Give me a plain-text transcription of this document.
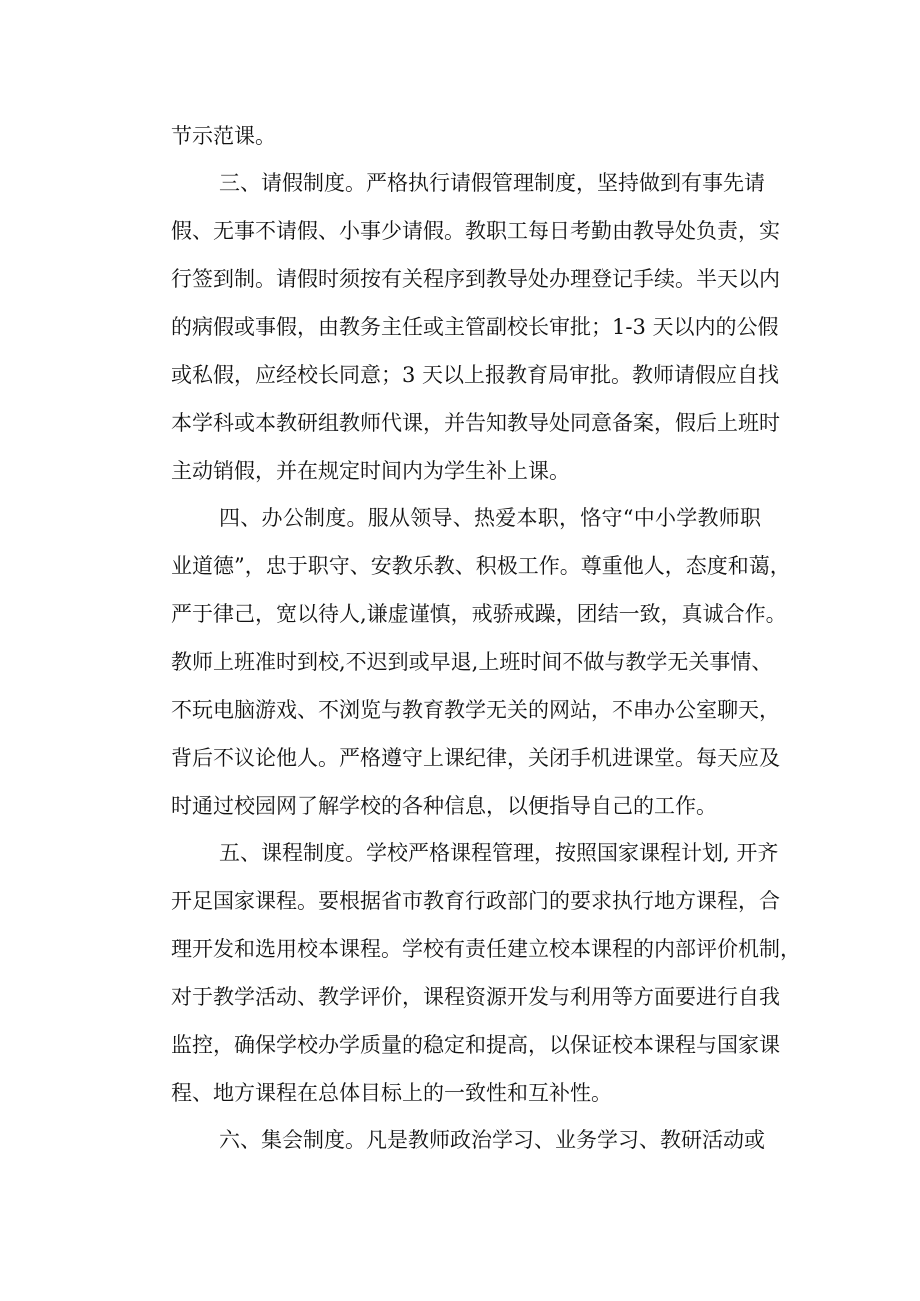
节示范课。
三、请假制度。严格执行请假管理制度，坚持做到有事先请
假、无事不请假、小事少请假。教职工每日考勤由教导处负责，实
行签到制。请假时须按有关程序到教导处办理登记手续。半天以内
的病假或事假，由教务主任或主管副校长审批；1-3 天以内的公假
或私假，应经校长同意；3 天以上报教育局审批。教师请假应自找
本学科或本教研组教师代课，并告知教导处同意备案，假后上班时
主动销假，并在规定时间内为学生补上课。
四、办公制度。服从领导、热爱本职，恪守“中小学教师职
业道德”，忠于职守、安教乐教、积极工作。尊重他人，态度和蔼，
严于律己，宽以待人,谦虚谨慎，戒骄戒躁，团结一致，真诚合作。
教师上班准时到校,不迟到或早退,上班时间不做与教学无关事情、
不玩电脑游戏、不浏览与教育教学无关的网站，不串办公室聊天，
背后不议论他人。严格遵守上课纪律，关闭手机进课堂。每天应及
时通过校园网了解学校的各种信息，以便指导自己的工作。
五、课程制度。学校严格课程管理，按照国家课程计划, 开齐
开足国家课程。要根据省市教育行政部门的要求执行地方课程，合
理开发和选用校本课程。学校有责任建立校本课程的内部评价机制，
对于教学活动、教学评价，课程资源开发与利用等方面要进行自我
监控，确保学校办学质量的稳定和提高，以保证校本课程与国家课
程、地方课程在总体目标上的一致性和互补性。
六、集会制度。凡是教师政治学习、业务学习、教研活动或
